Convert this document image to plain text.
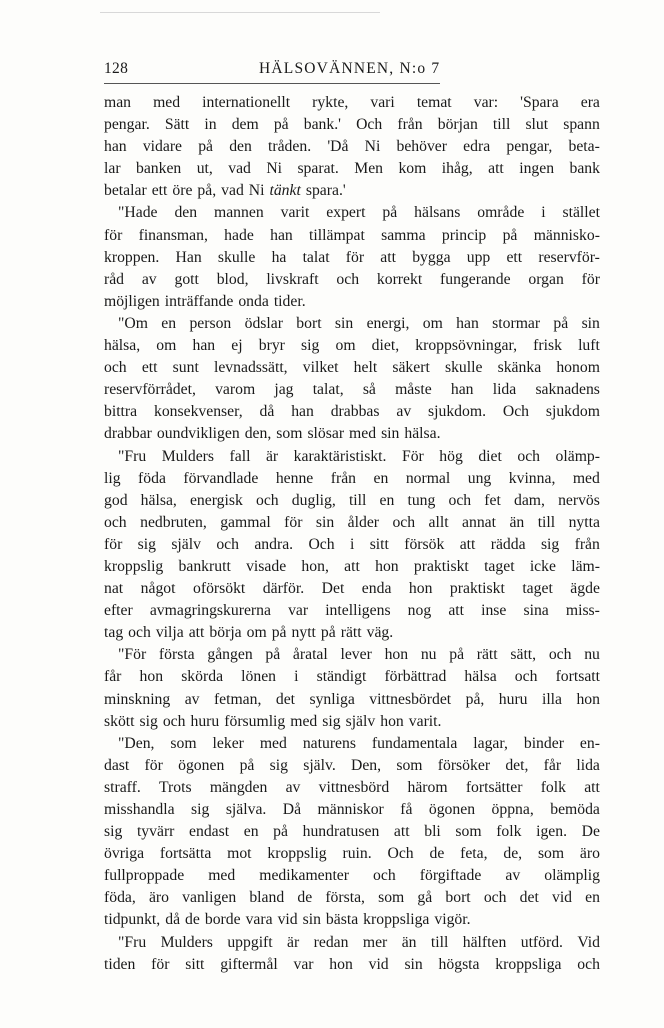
128	HÄLSOVÄNNEN, N:o 7
man med internationellt rykte, vari temat var: 'Spara era
pengar. Sätt in dem på bank.' Och från början till slut spann
han vidare på den tråden. 'Då Ni behöver edra pengar, beta-
lar banken ut, vad Ni sparat. Men kom ihåg, att ingen bank
betalar ett öre på, vad Ni tänkt spara.'
"Hade den mannen varit expert på hälsans område i stället
för finansman, hade han tillämpat samma princip på människo-
kroppen. Han skulle ha talat för att bygga upp ett reservför-
råd av gott blod, livskraft och korrekt fungerande organ för
möjligen inträffande onda tider.
"Om en person ödslar bort sin energi, om han stormar på sin
hälsa, om han ej bryr sig om diet, kroppsövningar, frisk luft
och ett sunt levnadssätt, vilket helt säkert skulle skänka honom
reservförrådet, varom jag talat, så måste han lida saknadens
bittra konsekvenser, då han drabbas av sjukdom. Och sjukdom
drabbar oundvikligen den, som slösar med sin hälsa.
"Fru Mulders fall är karaktäristiskt. För hög diet och olämp-
lig föda förvandlade henne från en normal ung kvinna, med
god hälsa, energisk och duglig, till en tung och fet dam, nervös
och nedbruten, gammal för sin ålder och allt annat än till nytta
för sig själv och andra. Och i sitt försök att rädda sig från
kroppslig bankrutt visade hon, att hon praktiskt taget icke läm-
nat något oförsökt därför. Det enda hon praktiskt taget ägde
efter avmagringskurerna var intelligens nog att inse sina miss-
tag och vilja att börja om på nytt på rätt väg.
"För första gången på åratal lever hon nu på rätt sätt, och nu
får hon skörda lönen i ständigt förbättrad hälsa och fortsatt
minskning av fetman, det synliga vittnesbördet på, huru illa hon
skött sig och huru försumlig med sig själv hon varit.
"Den, som leker med naturens fundamentala lagar, binder en-
dast för ögonen på sig själv. Den, som försöker det, får lida
straff. Trots mängden av vittnesbörd härom fortsätter folk att
misshandla sig själva. Då människor få ögonen öppna, bemöda
sig tyvärr endast en på hundratusen att bli som folk igen. De
övriga fortsätta mot kroppslig ruin. Och de feta, de, som äro
fullproppade med medikamenter och förgiftade av olämplig
föda, äro vanligen bland de första, som gå bort och det vid en
tidpunkt, då de borde vara vid sin bästa kroppsliga vigör.
"Fru Mulders uppgift är redan mer än till hälften utförd. Vid
tiden för sitt giftermål var hon vid sin högsta kroppsliga och
